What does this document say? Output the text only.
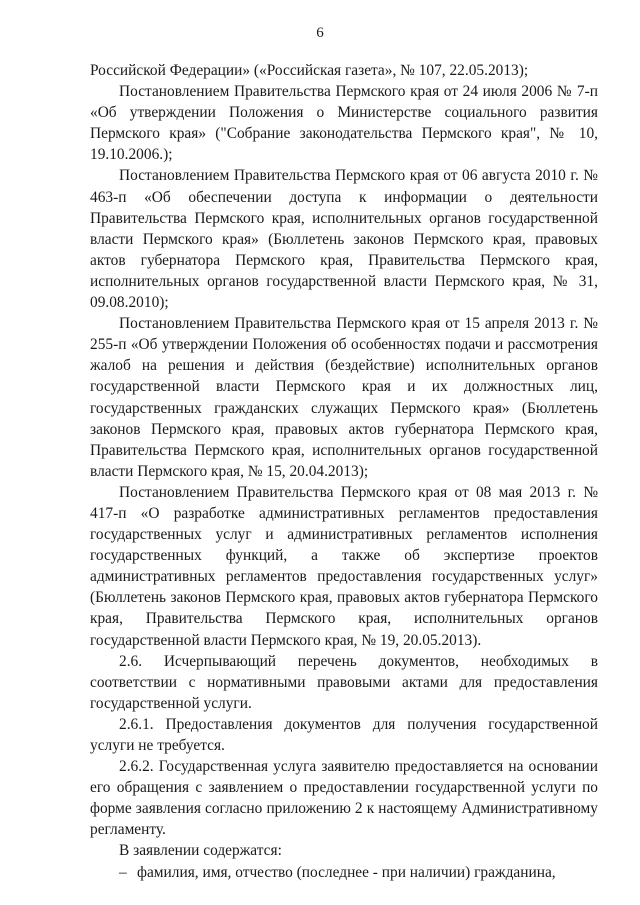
6

Российской Федерации» («Российская газета», № 107, 22.05.2013);

Постановлением Правительства Пермского края от 24 июля 2006 № 7-п «Об утверждении Положения о Министерстве социального развития Пермского края» ("Собрание законодательства Пермского края", № 10, 19.10.2006.);

Постановлением Правительства Пермского края от 06 августа 2010 г. № 463-п «Об обеспечении доступа к информации о деятельности Правительства Пермского края, исполнительных органов государственной власти Пермского края» (Бюллетень законов Пермского края, правовых актов губернатора Пермского края, Правительства Пермского края, исполнительных органов государственной власти Пермского края, № 31, 09.08.2010);

Постановлением Правительства Пермского края от 15 апреля 2013 г. № 255-п «Об утверждении Положения об особенностях подачи и рассмотрения жалоб на решения и действия (бездействие) исполнительных органов государственной власти Пермского края и их должностных лиц, государственных гражданских служащих Пермского края» (Бюллетень законов Пермского края, правовых актов губернатора Пермского края, Правительства Пермского края, исполнительных органов государственной власти Пермского края, № 15, 20.04.2013);

Постановлением Правительства Пермского края от 08 мая 2013 г. № 417-п «О разработке административных регламентов предоставления государственных услуг и административных регламентов исполнения государственных функций, а также об экспертизе проектов административных регламентов предоставления государственных услуг» (Бюллетень законов Пермского края, правовых актов губернатора Пермского края, Правительства Пермского края, исполнительных органов государственной власти Пермского края, № 19, 20.05.2013).

2.6. Исчерпывающий перечень документов, необходимых в соответствии с нормативными правовыми актами для предоставления государственной услуги.

2.6.1. Предоставления документов для получения государственной услуги не требуется.

2.6.2. Государственная услуга заявителю предоставляется на основании его обращения с заявлением о предоставлении государственной услуги по форме заявления согласно приложению 2 к настоящему Административному регламенту.

В заявлении содержатся:

– фамилия, имя, отчество (последнее - при наличии) гражданина,
